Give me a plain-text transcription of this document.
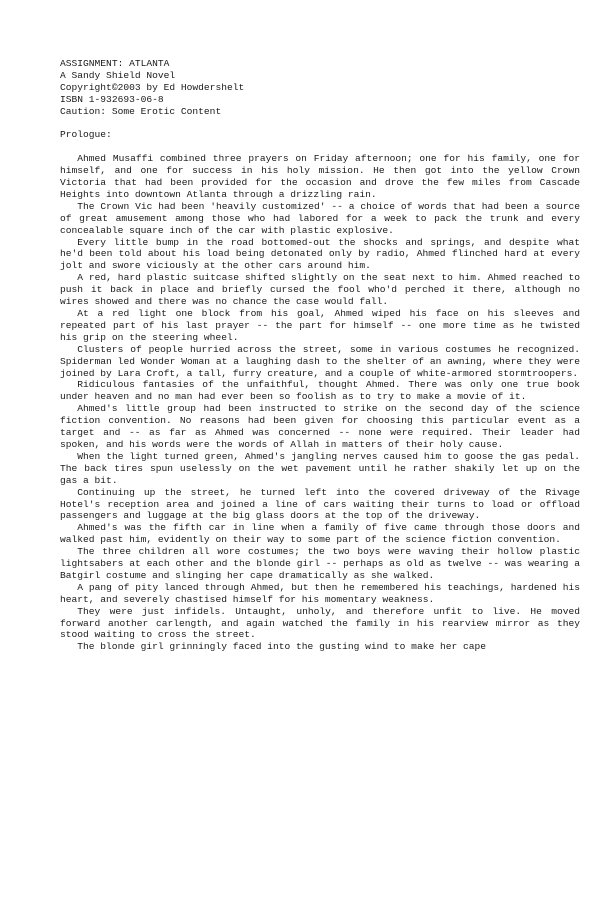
ASSIGNMENT: ATLANTA
A Sandy Shield Novel
Copyright©2003 by Ed Howdershelt
ISBN 1-932693-06-8
Caution: Some Erotic Content
Prologue:

Ahmed Musaffi combined three prayers on Friday afternoon; one for his family, one for himself, and one for success in his holy mission. He then got into the yellow Crown Victoria that had been provided for the occasion and drove the few miles from Cascade Heights into downtown Atlanta through a drizzling rain.

The Crown Vic had been 'heavily customized' -- a choice of words that had been a source of great amusement among those who had labored for a week to pack the trunk and every concealable square inch of the car with plastic explosive.

Every little bump in the road bottomed-out the shocks and springs, and despite what he'd been told about his load being detonated only by radio, Ahmed flinched hard at every jolt and swore viciously at the other cars around him.

A red, hard plastic suitcase shifted slightly on the seat next to him. Ahmed reached to push it back in place and briefly cursed the fool who'd perched it there, although no wires showed and there was no chance the case would fall.

At a red light one block from his goal, Ahmed wiped his face on his sleeves and repeated part of his last prayer -- the part for himself -- one more time as he twisted his grip on the steering wheel.

Clusters of people hurried across the street, some in various costumes he recognized. Spiderman led Wonder Woman at a laughing dash to the shelter of an awning, where they were joined by Lara Croft, a tall, furry creature, and a couple of white-armored stormtroopers.

Ridiculous fantasies of the unfaithful, thought Ahmed. There was only one true book under heaven and no man had ever been so foolish as to try to make a movie of it.

Ahmed's little group had been instructed to strike on the second day of the science fiction convention. No reasons had been given for choosing this particular event as a target and -- as far as Ahmed was concerned -- none were required. Their leader had spoken, and his words were the words of Allah in matters of their holy cause.

When the light turned green, Ahmed's jangling nerves caused him to goose the gas pedal. The back tires spun uselessly on the wet pavement until he rather shakily let up on the gas a bit.

Continuing up the street, he turned left into the covered driveway of the Rivage Hotel's reception area and joined a line of cars waiting their turns to load or offload passengers and luggage at the big glass doors at the top of the driveway.

Ahmed's was the fifth car in line when a family of five came through those doors and walked past him, evidently on their way to some part of the science fiction convention.

The three children all wore costumes; the two boys were waving their hollow plastic lightsabers at each other and the blonde girl -- perhaps as old as twelve -- was wearing a Batgirl costume and slinging her cape dramatically as she walked.

A pang of pity lanced through Ahmed, but then he remembered his teachings, hardened his heart, and severely chastised himself for his momentary weakness.

They were just infidels. Untaught, unholy, and therefore unfit to live. He moved forward another carlength, and again watched the family in his rearview mirror as they stood waiting to cross the street.

The blonde girl grinningly faced into the gusting wind to make her cape
